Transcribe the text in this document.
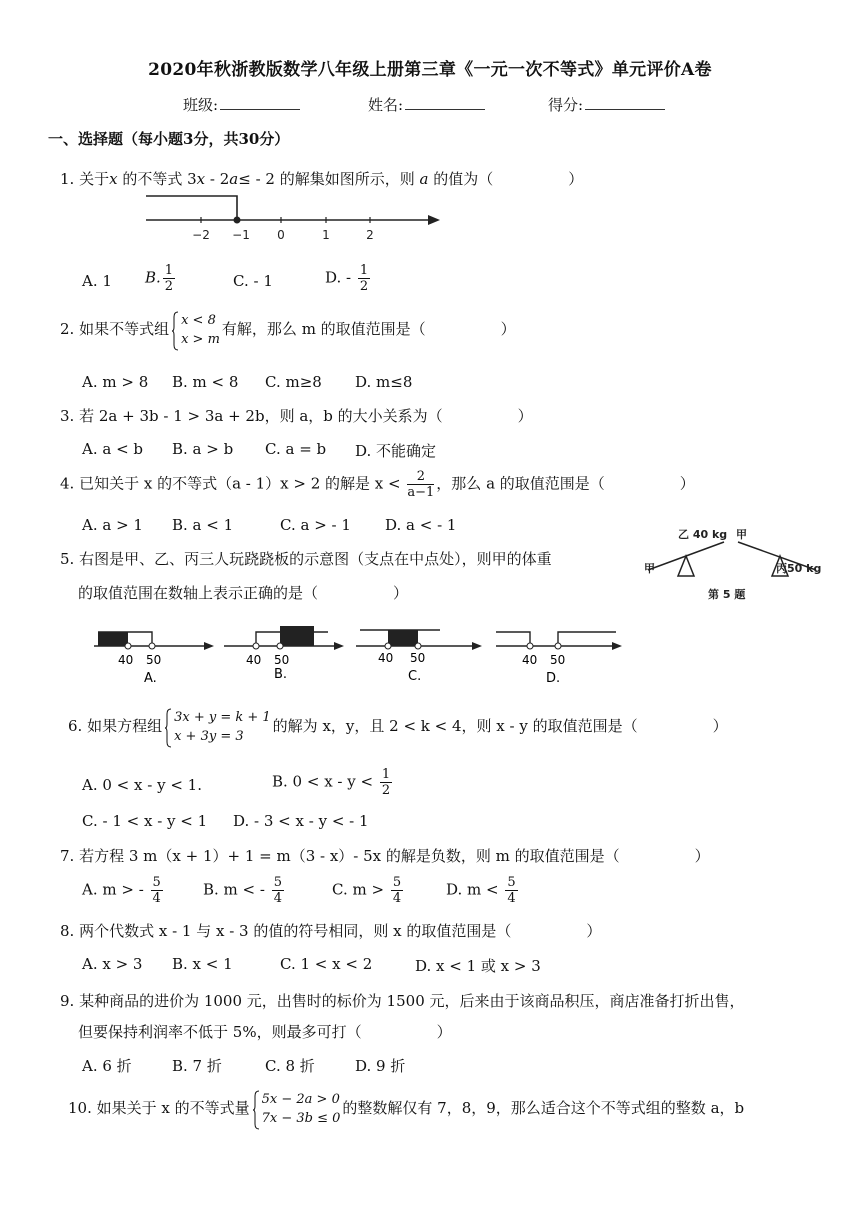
2020年秋浙教版数学八年级上册第三章《一元一次不等式》单元评价A卷
班级:	姓名:	得分:
一、选择题（每小题3分，共30分）
1. 关于x 的不等式 3x - 2a≤ - 2 的解集如图所示，则 a 的值为（　　　　　）
−2 −1 0	1	2
A. 1 B. $\frac{1}{2}$	C. - 1	D. - $\frac{1}{2}$
2. 如果不等式组 x < 8
x > m
有解，那么 m 的取值范围是（　　　　　）
A. m > 8 B. m < 8 C. m≥8 D. m≤8
3. 若 2a + 3b - 1 > 3a + 2b，则 a，b 的大小关系为（　　　　　）
A. a < b B. a > b C. a = b D. 不能确定
4. 已知关于 x 的不等式（a - 1）x > 2 的解是 $x < \frac{2}{a-1}$ ，那么 a 的取值范围是（　　　　　）
A. a > 1 B. a < 1	C. a > - 1 D. a < - 1
5. 右图是甲、乙、丙三人玩跷跷板的示意图（支点在中点处），则甲的体重
的取值范围在数轴上表示正确的是（　　　　　）
乙 40 kg 甲
甲	丙50 kg
第 5 题
40 50
A.
40 50
B.
40 50
C.
40 50
D.
6. 如果方程组 3x + y = k + 1
x + 3y = 3
的解为 x，y，且 2 < k < 4，则 x - y 的取值范围是（　　　　　）
A. 0 < x - y < 1.	B. $0 < x - y < \frac{1}{2}$
C. - 1 < x - y < 1 D. - 3 < x - y < - 1
7. 若方程 3 m（x + 1）+ 1 = m（3 - x）- 5x 的解是负数，则 m 的取值范围是（　　　　　）
A. m > - $\frac{5}{4}$	B. m < - $\frac{5}{4}$	C. $m > \frac{5}{4}$	D. $m < \frac{5}{4}$
8. 两个代数式 x - 1 与 x - 3 的值的符号相同，则 x 的取值范围是（　　　　　）
A. x > 3 B. x < 1	C. 1 < x < 2	D. x < 1 或 x > 3
9. 某种商品的进价为 1000 元，出售时的标价为 1500 元，后来由于该商品积压，商店准备打折出售，
但要保持利润率不低于 5%，则最多可打（　　　　　）
A. 6 折	B. 7 折	C. 8 折	D. 9 折
10. 如果关于 x 的不等式量 5x − 2a > 0
7x − 3b ≤ 0
的整数解仅有 7，8，9，那么适合这个不等式组的整数 a，b
